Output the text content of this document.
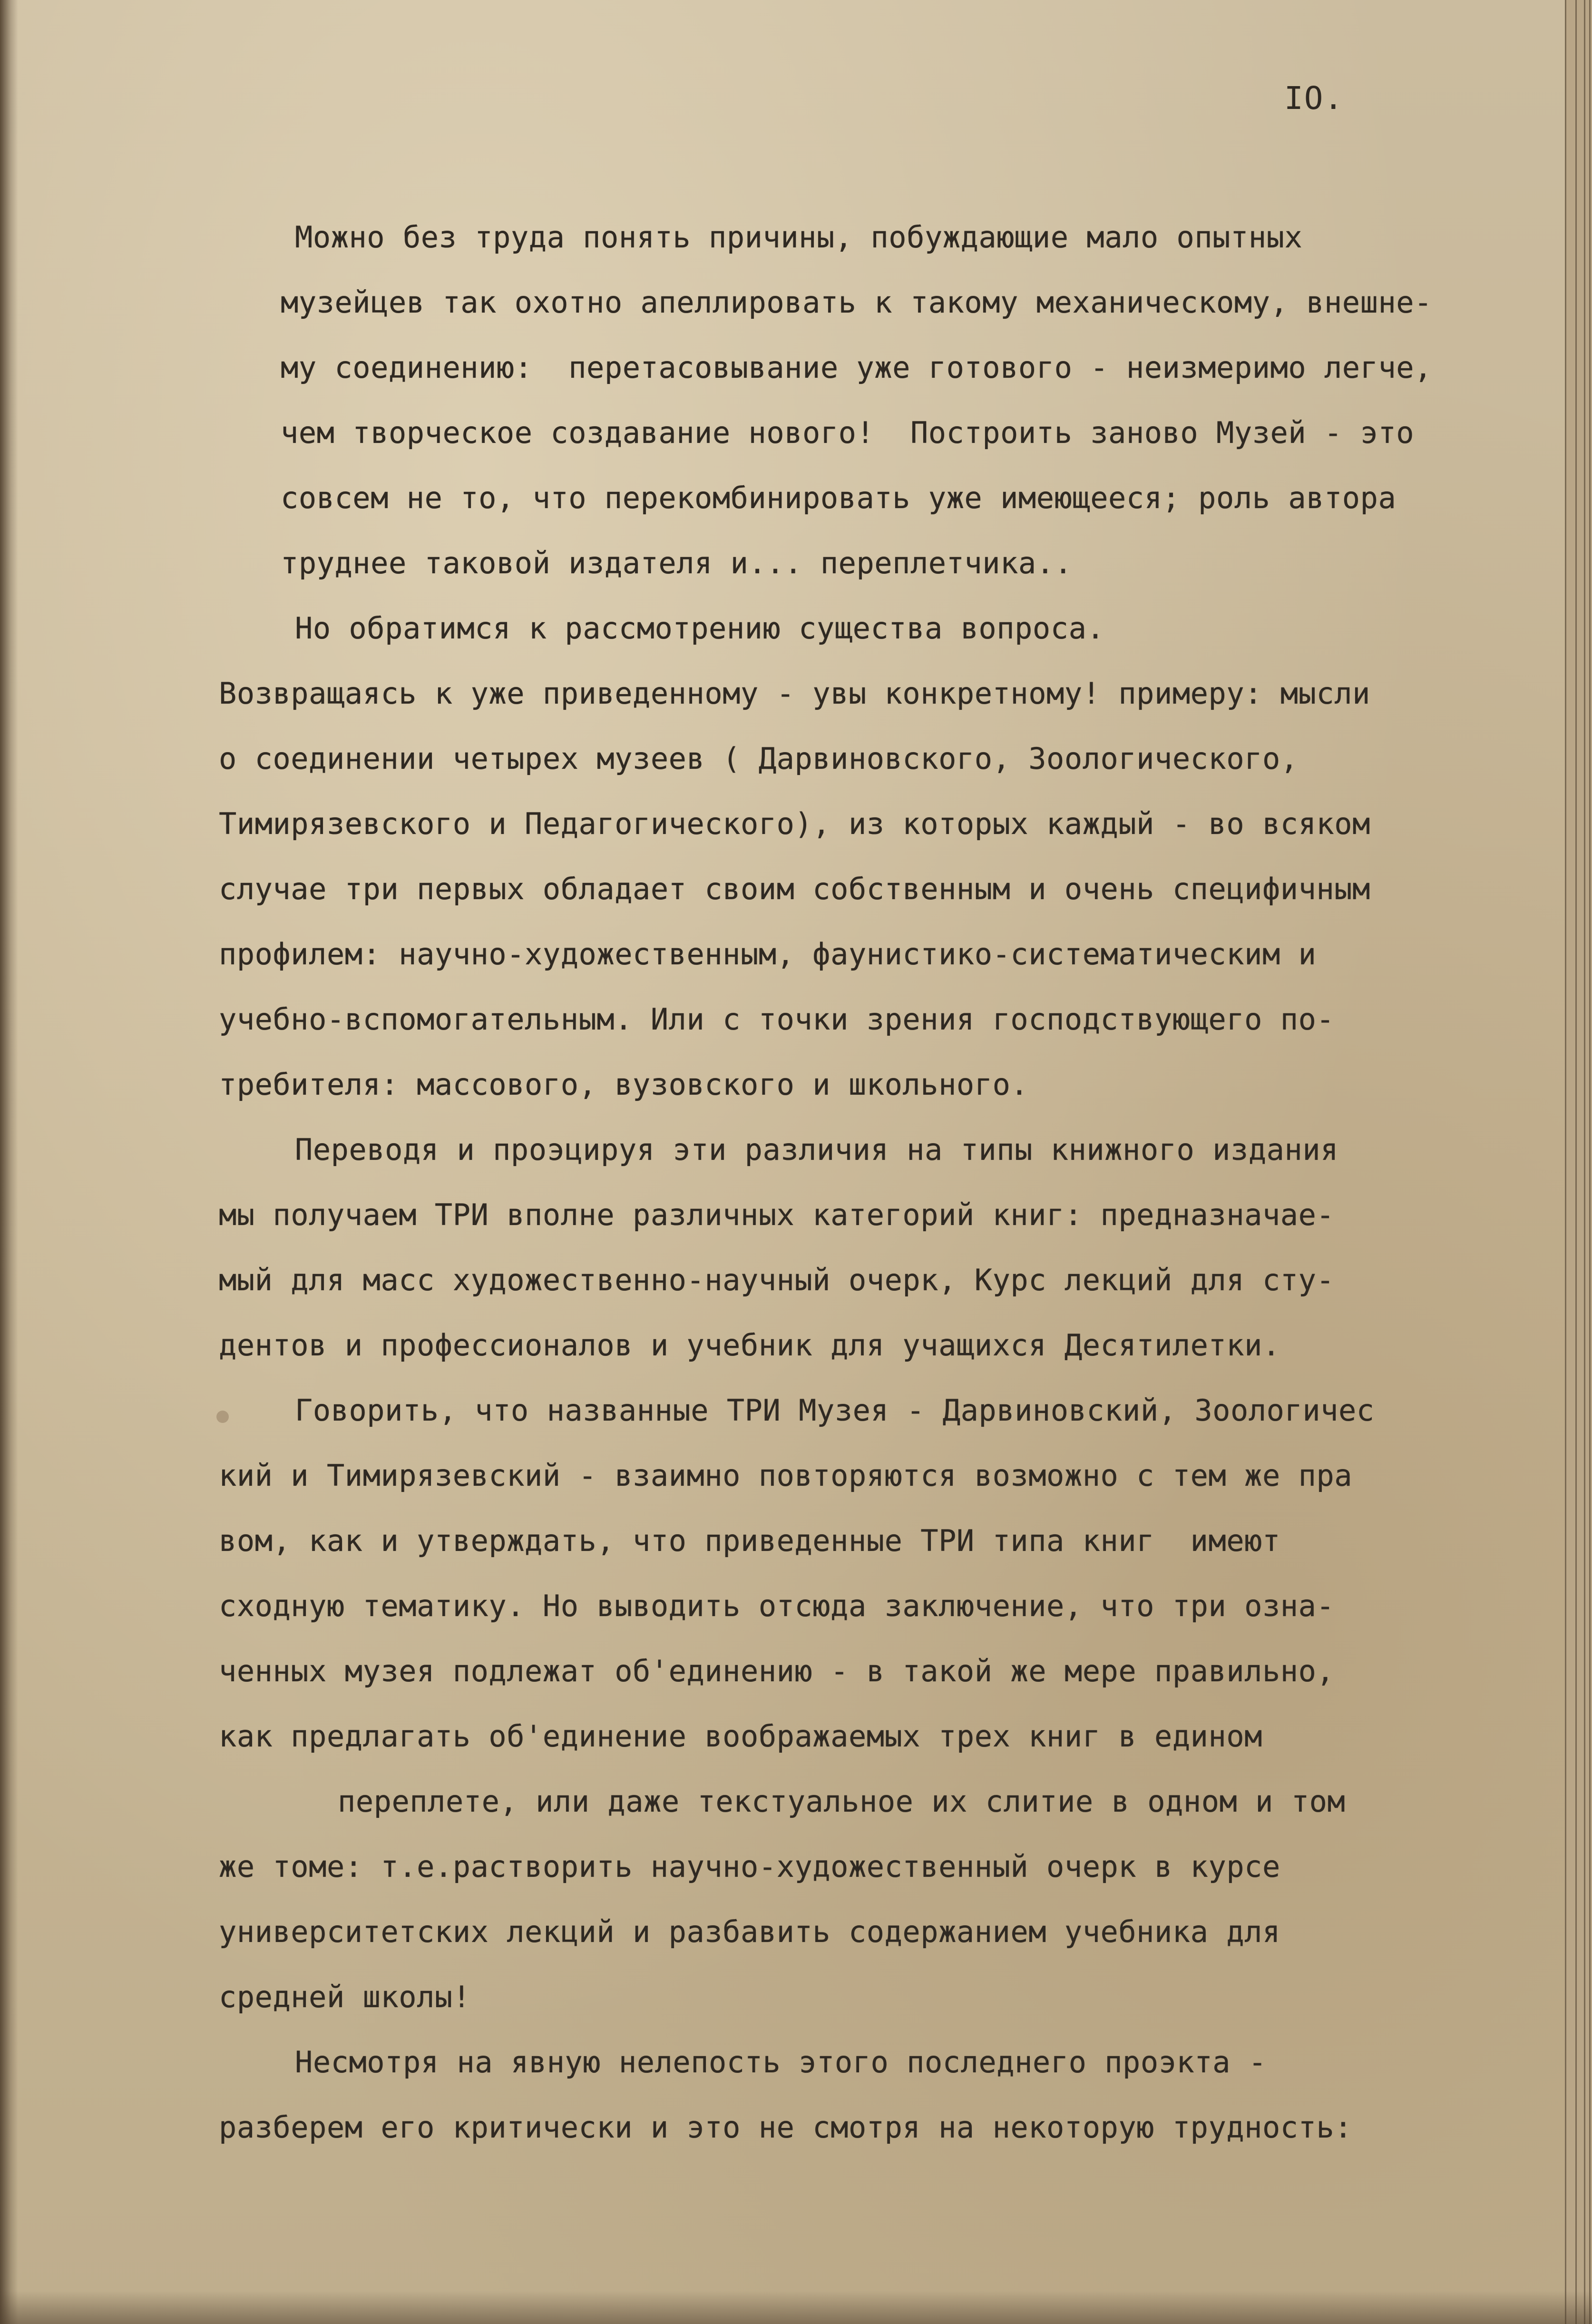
IO.
Можно без труда понять причины, побуждающие мало опытных
музейцев так охотно апеллировать к такому механическому, внешне-
му соединению:  перетасовывание уже готового - неизмеримо легче,
чем творческое создавание нового!  Построить заново Музей - это
совсем не то, что перекомбинировать уже имеющееся; роль автора
труднее таковой издателя и... переплетчика..
Но обратимся к рассмотрению существа вопроса.
Возвращаясь к уже приведенному - увы конкретному! примеру: мысли
о соединении четырех музеев ( Дарвиновского, Зоологического,
Тимирязевского и Педагогического), из которых каждый - во всяком
случае три первых обладает своим собственным и очень специфичным
профилем: научно-художественным, фаунистико-систематическим и
учебно-вспомогательным. Или с точки зрения господствующего по-
требителя: массового, вузовского и школьного.
Переводя и проэцируя эти различия на типы книжного издания
мы получаем ТРИ вполне различных категорий книг: предназначае-
мый для масс художественно-научный очерк, Курс лекций для сту-
дентов и профессионалов и учебник для учащихся Десятилетки.
Говорить, что названные ТРИ Музея - Дарвиновский, Зоологичес
кий и Тимирязевский - взаимно повторяются возможно с тем же пра
вом, как и утверждать, что приведенные ТРИ типа книг  имеют
сходную тематику. Но выводить отсюда заключение, что три озна-
ченных музея подлежат об'единению - в такой же мере правильно,
как предлагать об'единение воображаемых трех книг в едином
переплете, или даже текстуальное их слитие в одном и том
же томе: т.е.растворить научно-художественный очерк в курсе
университетских лекций и разбавить содержанием учебника для
средней школы!
Несмотря на явную нелепость этого последнего проэкта -
разберем его критически и это не смотря на некоторую трудность:
